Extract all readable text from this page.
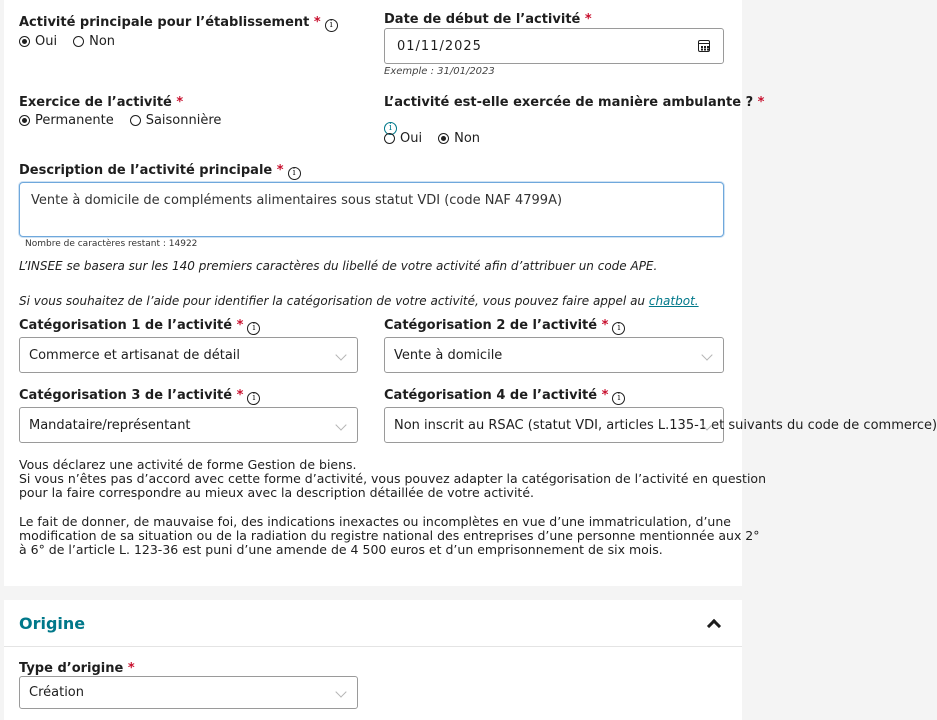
Activité principale pour l’établissement * i
Oui Non
Date de début de l’activité *
01/11/2025
Exemple : 31/01/2023
Exercice de l’activité *
Permanente Saisonnière
L’activité est-elle exercée de manière ambulante ? *
i
Oui Non
Description de l’activité principale * i
Vente à domicile de compléments alimentaires sous statut VDI (code NAF 4799A)
Nombre de caractères restant : 14922
L’INSEE se basera sur les 140 premiers caractères du libellé de votre activité afin d’attribuer un code APE.
Si vous souhaitez de l’aide pour identifier la catégorisation de votre activité, vous pouvez faire appel au chatbot.
Catégorisation 1 de l’activité * i
Commerce et artisanat de détail
Catégorisation 2 de l’activité * i
Vente à domicile
Catégorisation 3 de l’activité * i
Mandataire/représentant
Catégorisation 4 de l’activité * i
Non inscrit au RSAC (statut VDI, articles L.135-1 et suivants du code de commerce)
Vous déclarez une activité de forme Gestion de biens.
Si vous n’êtes pas d’accord avec cette forme d’activité, vous pouvez adapter la catégorisation de l’activité en question
pour la faire correspondre au mieux avec la description détaillée de votre activité.
Le fait de donner, de mauvaise foi, des indications inexactes ou incomplètes en vue d’une immatriculation, d’une
modification de sa situation ou de la radiation du registre national des entreprises d’une personne mentionnée aux 2°
à 6° de l’article L. 123-36 est puni d’une amende de 4 500 euros et d’un emprisonnement de six mois.
Origine
Type d’origine *
Création
